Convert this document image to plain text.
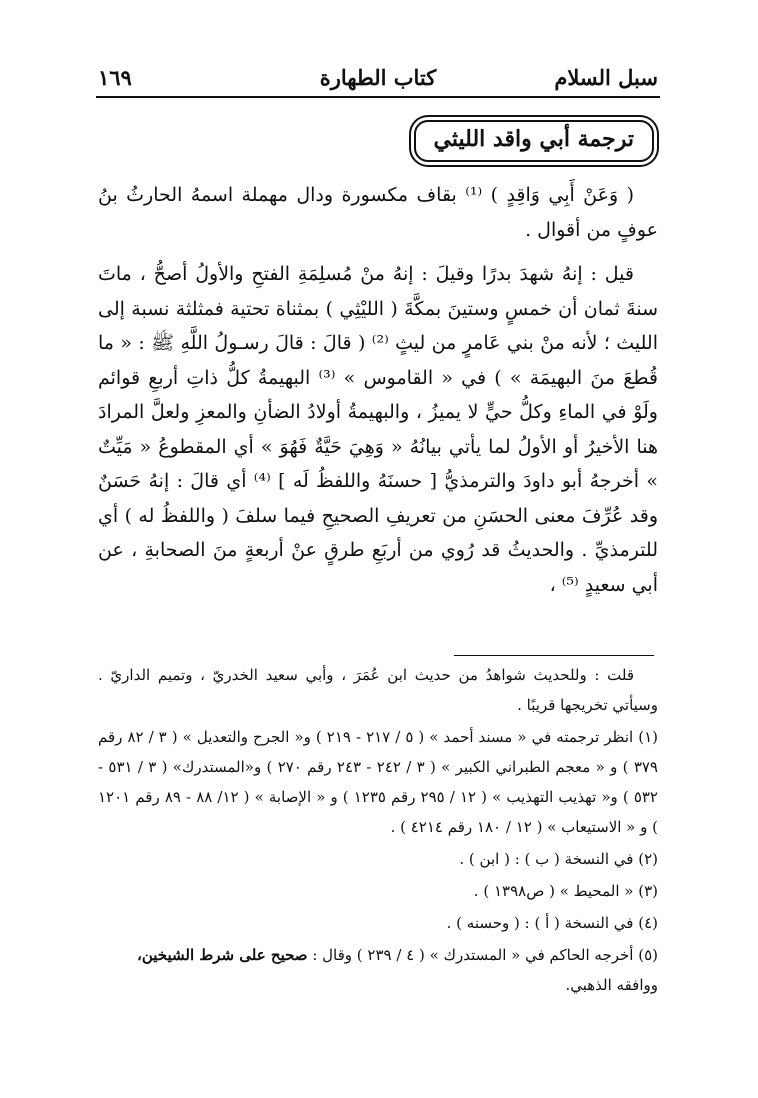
سبل السلام
كتاب الطهارة
١٦٩
ترجمة أبي واقد الليثي

( وَعَنْ أَبِي وَاقِدٍ ) ⁽¹⁾ بقاف مكسورة ودال مهملة اسمهُ الحارثُ بنُ عوفٍ من أقوال .

قيل : إنهُ شهدَ بدرًا وقيلَ : إنهُ منْ مُسلِمَةِ الفتحِ والأولُ أصحُّ ، ماتَ سنةَ ثمان أن خمسٍ وستينَ بمكَّةَ ( الليْثِي ) بمثناة تحتية فمثلثة نسبة إلى الليث ؛ لأنه منْ بني عَامرٍ من ليثٍ ⁽²⁾ ( قالَ : قالَ رسـولُ اللَّهِ ﷺ : « ما قُطعَ منَ البهيمَة » ) في « القاموس » ⁽³⁾ البهيمةُ كلُّ ذاتِ أربعِ قوائم ولَوْ في الماءِ وكلُّ حيٍّ لا يميزُ ، والبهيمةُ أولادُ الضأنِ والمعزِ ولعلَّ المرادَ هنا الأخيرُ أو الأولُ لما يأتي بيانُهُ « وَهِيَ حَيَّةٌ فَهُوَ » أي المقطوعُ « مَيِّتٌ » أخرجهُ أبو داودَ والترمذيُّ [ حسنَهُ واللفظُ لَه ] ⁽⁴⁾ أي قالَ : إنهُ حَسَنٌ وقد عُرِّفَ معنى الحسَنِ من تعريفِ الصحيحِ فيما سلفَ ( واللفظُ له ) أي للترمذيِّ . والحديثُ قد رُوي من أربَعِ طرقٍ عنْ أربعةٍ منَ الصحابةِ ، عن أبي سعيدٍ ⁽⁵⁾ ،

قلت : وللحديث شواهدُ من حديث ابن عُمَرَ ، وأبي سعيد الخدريّ ، وتميم الداريّ . وسيأتي تخريجها قريبًا .

(١) انظر ترجمته في « مسند أحمد » ( ٥ / ٢١٧ - ٢١٩ ) و« الجرح والتعديل » ( ٣ / ٨٢ رقم ٣٧٩ ) و « معجم الطبراني الكبير » ( ٣ / ٢٤٢ - ٢٤٣ رقم ٢٧٠ ) و«المستدرك» ( ٣ / ٥٣١ - ٥٣٢ ) و« تهذيب التهذيب » ( ١٢ / ٢٩٥ رقم ١٢٣٥ ) و « الإصابة » ( ١٢/ ٨٨ - ٨٩ رقم ١٢٠١ ) و « الاستيعاب » ( ١٢ / ١٨٠ رقم ٤٢١٤ ) .

(٢) في النسخة ( ب ) : ( ابن ) .

(٣) « المحيط » ( ص١٣٩٨ ) .

(٤) في النسخة ( أ ) : ( وحسنه ) .

(٥) أخرجه الحاكم في « المستدرك » ( ٤ / ٢٣٩ ) وقال : صحيح على شرط الشيخين،
ووافقه الذهبي.
